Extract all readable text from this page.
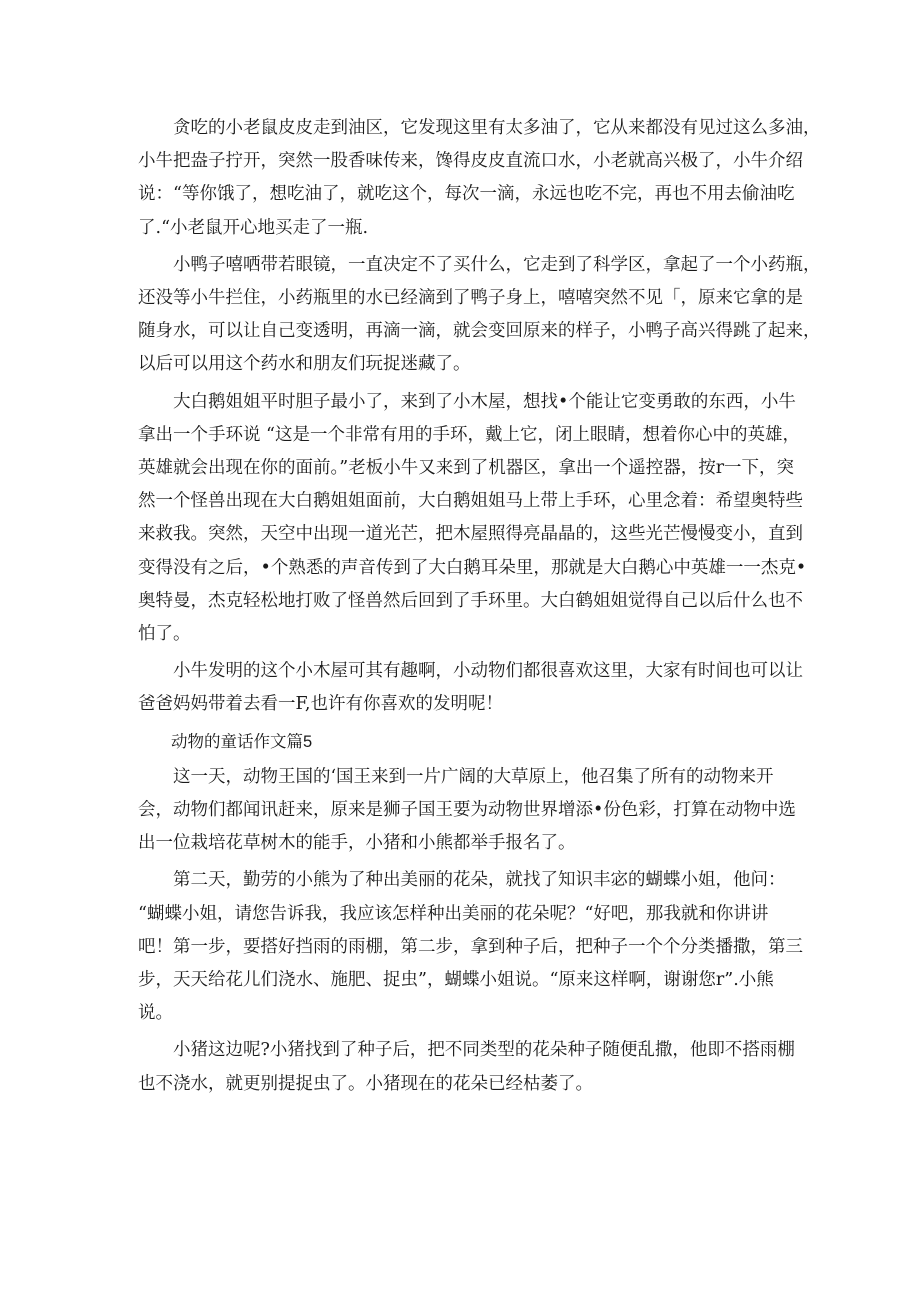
贪吃的小老鼠皮皮走到油区，它发现这里有太多油了，它从来都没有见过这么多油，
小牛把盎子拧开，突然一股香味传来，馋得皮皮直流口水，小老就高兴极了，小牛介绍
说：“等你饿了，想吃油了，就吃这个，每次一滴，永远也吃不完，再也不用去偷油吃
了.“小老鼠开心地买走了一瓶.

小鸭子嘻哂带若眼镜，一直决定不了买什么，它走到了科学区，拿起了一个小药瓶，
还没等小牛拦住，小药瓶里的水已经滴到了鸭子身上，嘻嘻突然不见「，原来它拿的是
随身水，可以让自己变透明，再滴一滴，就会变回原来的样子，小鸭子高兴得跳了起来，
以后可以用这个药水和朋友们玩捉迷藏了。

大白鹅姐姐平时胆子最小了，来到了小木屋，想找•个能让它变勇敢的东西，小牛
拿出一个手环说 “这是一个非常有用的手环，戴上它，闭上眼睛，想着你心中的英雄，
英雄就会出现在你的面前。”老板小牛又来到了机器区，拿出一个遥控器，按r一下，突
然一个怪兽出现在大白鹅姐姐面前，大白鹅姐姐马上带上手环，心里念着：希望奥特些
来救我。突然，天空中出现一道光芒，把木屋照得亮晶晶的，这些光芒慢慢变小，直到
变得没有之后，•个熟悉的声音传到了大白鹅耳朵里，那就是大白鹅心中英雄一一杰克•
奥特曼，杰克轻松地打败了怪兽然后回到了手环里。大白鹤姐姐觉得自己以后什么也不
怕了。

小牛发明的这个小木屋可其有趣啊，小动物们都很喜欢这里，大家有时间也可以让
爸爸妈妈带着去看一F,也许有你喜欢的发明呢！

动物的童话作文篇5

这一天，动物王国的‘国王来到一片广阔的大草原上，他召集了所有的动物来开
会，动物们都闻讯赶来，原来是狮子国王要为动物世界增添•份色彩，打算在动物中选
出一位栽培花草树木的能手，小猪和小熊都举手报名了。

第二天，勤劳的小熊为了种出美丽的花朵，就找了知识丰宓的蝴蝶小姐，他问：
“蝴蝶小姐，请您告诉我，我应该怎样种出美丽的花朵呢？“好吧，那我就和你讲讲
吧！第一步，要搭好挡雨的雨棚，第二步，拿到种子后，把种子一个个分类播撒，第三
步，天天给花儿们浇水、施肥、捉虫”，蝴蝶小姐说。“原来这样啊，谢谢您r”.小熊
说。

小猪这边呢?小猪找到了种子后，把不同类型的花朵种子随便乱撒，他即不搭雨棚
也不浇水，就更别提捉虫了。小猪现在的花朵已经枯萎了。
